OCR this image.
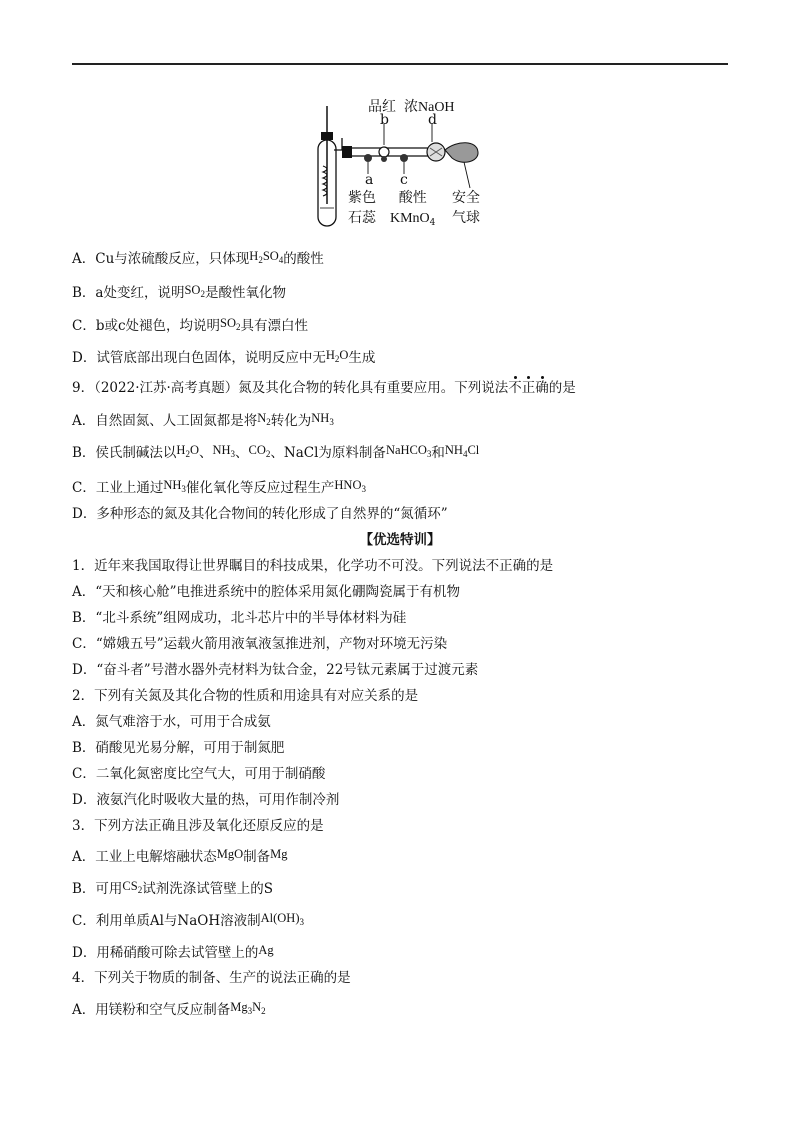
品红 浓NaOH
b	d
a c
紫色
石蕊
酸性
KMnO$_4$
安全
气球
A．Cu与浓硫酸反应，只体现$H_2SO_4$的酸性
B．a处变红，说明$SO_2$是酸性氧化物
C．b或c处褪色，均说明$SO_2$具有漂白性
D．试管底部出现白色固体，说明反应中无$H_2O$生成
9．（2022·江苏·高考真题）氮及其化合物的转化具有重要应用。下列说法不正确的是
A．自然固氮、人工固氮都是将$N_2$转化为$NH_3$
B．侯氏制碱法以$H_2O$、$NH_3$、$CO_2$、NaCl为原料制备NaHCO$_3$和$NH_4Cl$
C．工业上通过$NH_3$催化氧化等反应过程生产$HNO_3$
D．多种形态的氮及其化合物间的转化形成了自然界的“氮循环”
【优选特训】
1．近年来我国取得让世界瞩目的科技成果，化学功不可没。下列说法不正确的是
A．“天和核心舱”电推进系统中的腔体采用氮化硼陶瓷属于有机物
B．“北斗系统”组网成功，北斗芯片中的半导体材料为硅
C．“嫦娥五号”运载火箭用液氧液氢推进剂，产物对环境无污染
D．“奋斗者”号潜水器外壳材料为钛合金，22号钛元素属于过渡元素
2．下列有关氮及其化合物的性质和用途具有对应关系的是
A．氮气难溶于水，可用于合成氨
B．硝酸见光易分解，可用于制氮肥
C．二氧化氮密度比空气大，可用于制硝酸
D．液氨汽化时吸收大量的热，可用作制冷剂
3．下列方法正确且涉及氧化还原反应的是
A．工业上电解熔融状态MgO制备Mg
B．可用$CS_2$试剂洗涤试管壁上的S
C．利用单质Al与NaOH溶液制$Al(OH)_3$
D．用稀硝酸可除去试管壁上的Ag
4．下列关于物质的制备、生产的说法正确的是
A．用镁粉和空气反应制备$Mg_3N_2$
